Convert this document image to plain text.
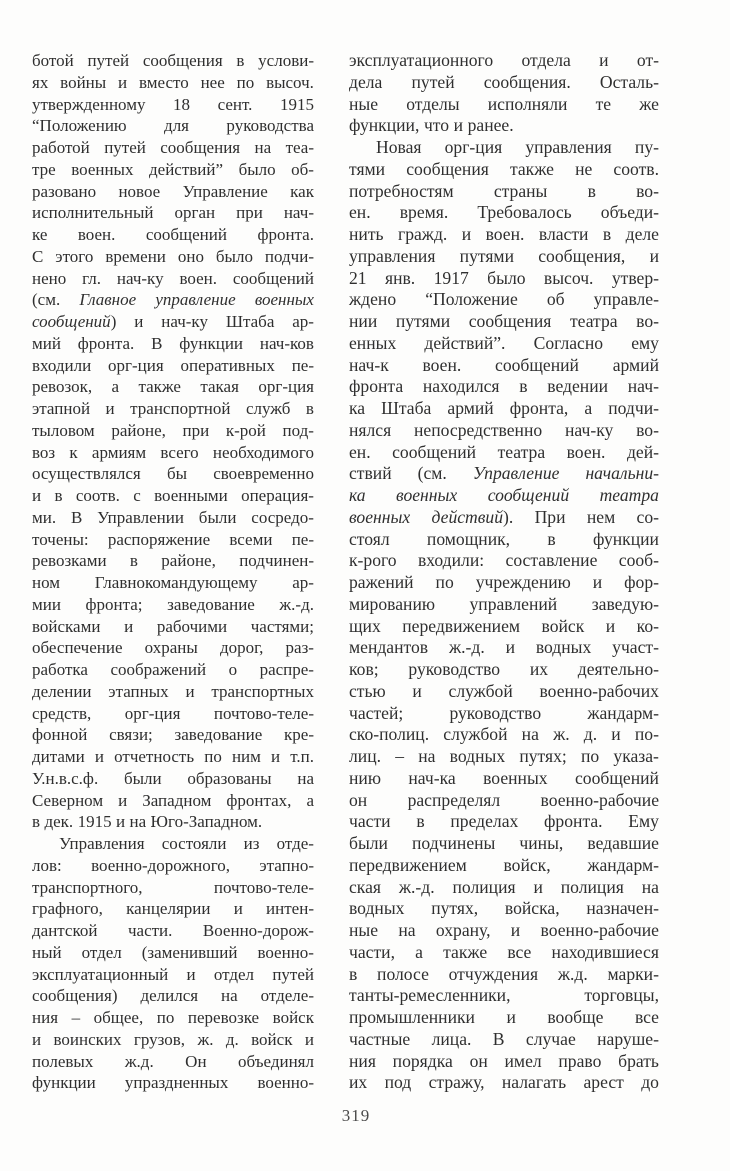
ботой путей сообщения в услови-
ях войны и вместо нее по высоч.
утвержденному 18 сент. 1915
“Положению для руководства
работой путей сообщения на теа-
тре военных действий” было об-
разовано новое Управление как
исполнительный орган при нач-
ке воен. сообщений фронта.
С этого времени оно было подчи-
нено гл. нач-ку воен. сообщений
(см. Главное управление военных
сообщений) и нач-ку Штаба ар-
мий фронта. В функции нач-ков
входили орг-ция оперативных пе-
ревозок, а также такая орг-ция
этапной и транспортной служб в
тыловом районе, при к-рой под-
воз к армиям всего необходимого
осуществлялся бы своевременно
и в соотв. с военными операция-
ми. В Управлении были сосредо-
точены: распоряжение всеми пе-
ревозками в районе, подчинен-
ном Главнокомандующему ар-
мии фронта; заведование ж.-д.
войсками и рабочими частями;
обеспечение охраны дорог, раз-
работка соображений о распре-
делении этапных и транспортных
средств, орг-ция почтово-теле-
фонной связи; заведование кре-
дитами и отчетность по ним и т.п.
У.н.в.с.ф. были образованы на
Северном и Западном фронтах, а
в дек. 1915 и на Юго-Западном.
Управления состояли из отде-
лов: военно-дорожного, этапно-
транспортного,	почтово-теле-
графного, канцелярии и интен-
дантской части. Военно-дорож-
ный отдел (заменивший военно-
эксплуатационный и отдел путей
сообщения) делился на отделе-
ния – общее, по перевозке войск
и воинских грузов, ж. д. войск и
полевых ж.д. Он объединял
функции упраздненных военно-
эксплуатационного отдела и от-
дела путей сообщения. Осталь-
ные отделы исполняли те же
функции, что и ранее.
Новая орг-ция управления пу-
тями сообщения также не соотв.
потребностям страны в во-
ен. время. Требовалось объеди-
нить гражд. и воен. власти в деле
управления путями сообщения, и
21 янв. 1917 было высоч. утвер-
ждено “Положение об управле-
нии путями сообщения театра во-
енных действий”. Согласно ему
нач-к воен. сообщений армий
фронта находился в ведении нач-
ка Штаба армий фронта, а подчи-
нялся непосредственно нач-ку во-
ен. сообщений театра воен. дей-
ствий (см. Управление начальни-
ка военных сообщений театра
военных действий). При нем со-
стоял помощник, в функции
к-рого входили: составление сооб-
ражений по учреждению и фор-
мированию управлений заведую-
щих передвижением войск и ко-
мендантов ж.-д. и водных участ-
ков; руководство их деятельно-
стью и службой военно-рабочих
частей;	руководство	жандарм-
ско-полиц. службой на ж. д. и по-
лиц. – на водных путях; по указа-
нию нач-ка военных сообщений
он распределял военно-рабочие
части в пределах фронта. Ему
были подчинены чины, ведавшие
передвижением войск, жандарм-
ская ж.-д. полиция и полиция на
водных путях, войска, назначен-
ные на охрану, и военно-рабочие
части, а также все находившиеся
в полосе отчуждения ж.д. марки-
танты-ремесленники,	торговцы,
промышленники и вообще все
частные лица. В случае наруше-
ния порядка он имел право брать
их под стражу, налагать арест до
319
